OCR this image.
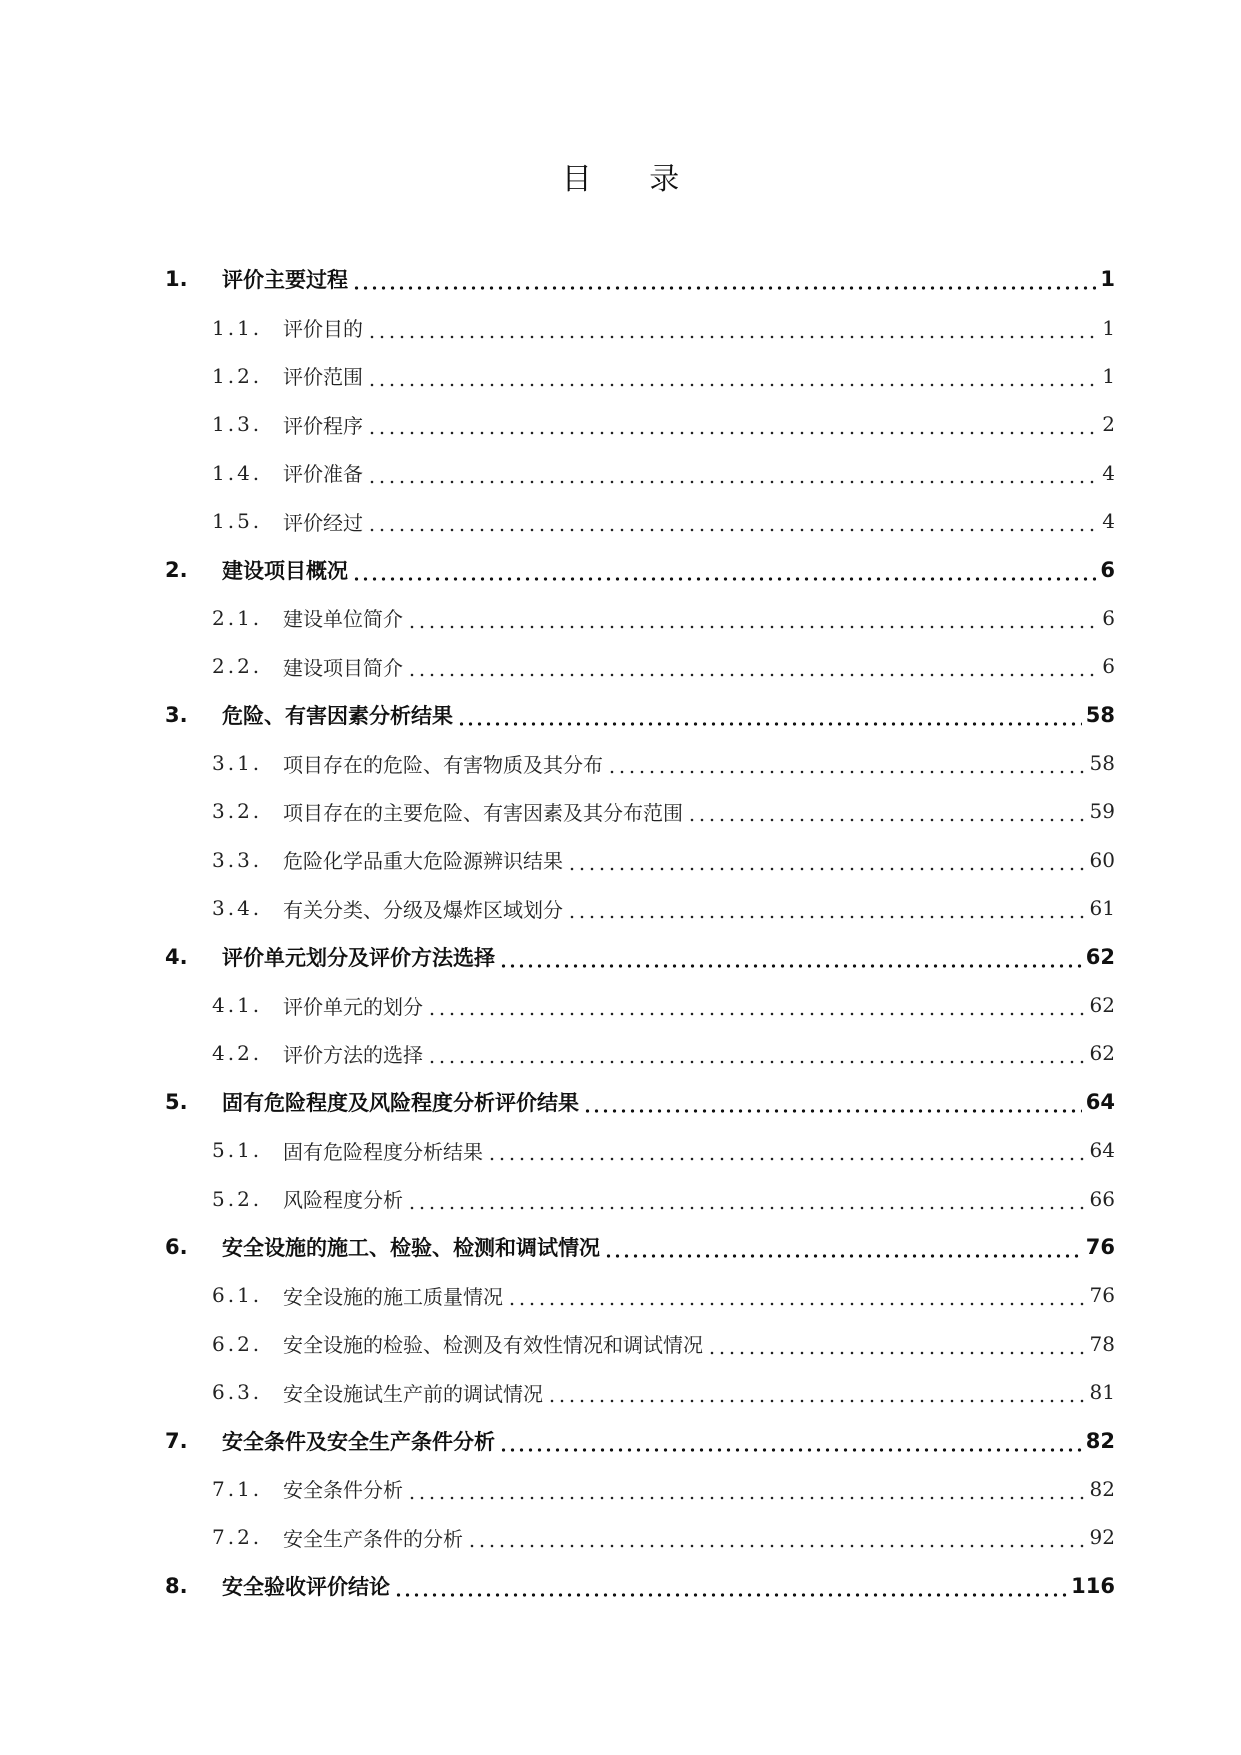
目 录
1.	评价主要过程	1
1.1.	评价目的	1
1.2.	评价范围	1
1.3.	评价程序	2
1.4.	评价准备	4
1.5.	评价经过	4
2.	建设项目概况	6
2.1.	建设单位简介	6
2.2.	建设项目简介	6
3.	危险、有害因素分析结果	58
3.1.	项目存在的危险、有害物质及其分布	58
3.2.	项目存在的主要危险、有害因素及其分布范围	59
3.3.	危险化学品重大危险源辨识结果	60
3.4.	有关分类、分级及爆炸区域划分	61
4.	评价单元划分及评价方法选择	62
4.1.	评价单元的划分	62
4.2.	评价方法的选择	62
5.	固有危险程度及风险程度分析评价结果	64
5.1.	固有危险程度分析结果	64
5.2.	风险程度分析	66
6.	安全设施的施工、检验、检测和调试情况	76
6.1.	安全设施的施工质量情况	76
6.2.	安全设施的检验、检测及有效性情况和调试情况	78
6.3.	安全设施试生产前的调试情况	81
7.	安全条件及安全生产条件分析	82
7.1.	安全条件分析	82
7.2.	安全生产条件的分析	92
8.	安全验收评价结论	116
